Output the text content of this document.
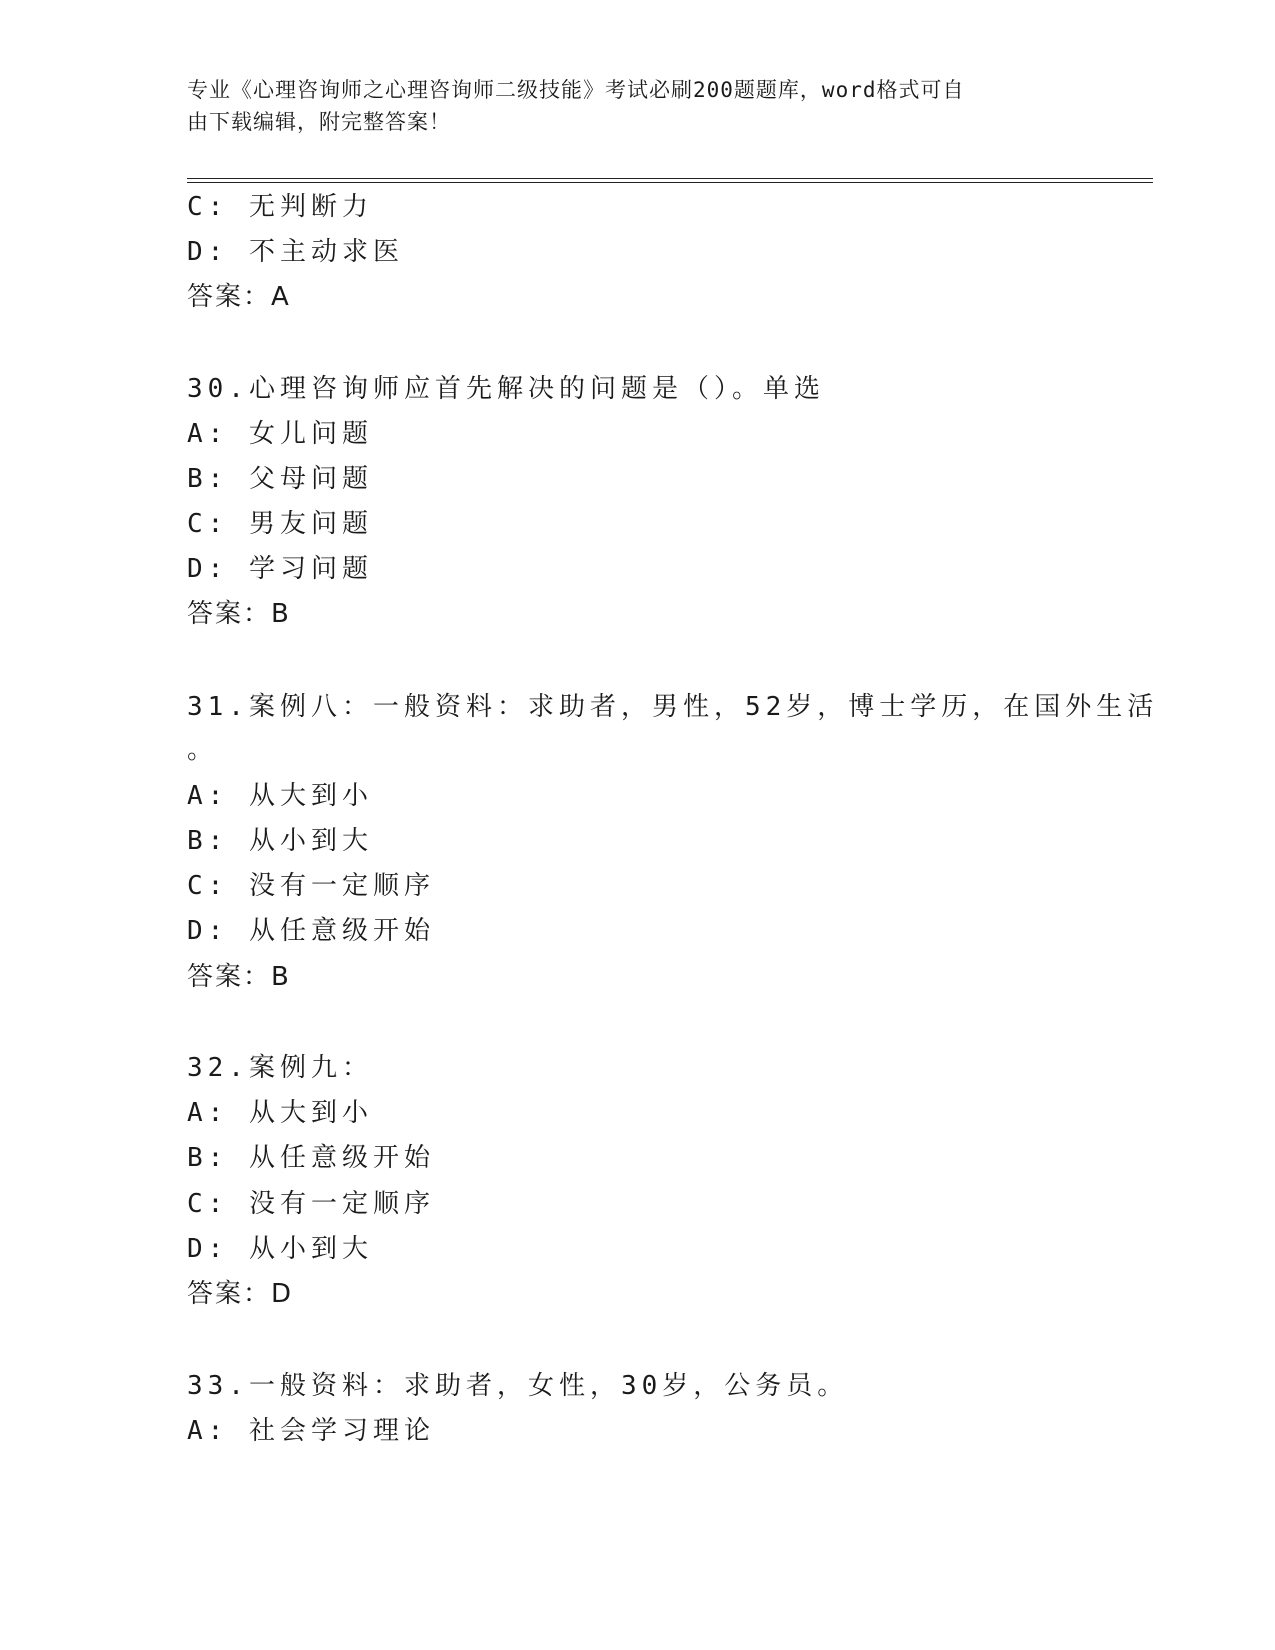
专业《心理咨询师之心理咨询师二级技能》考试必刷200题题库，word格式可自
由下载编辑，附完整答案！
C: 无判断力
D: 不主动求医
答案：A
30.心理咨询师应首先解决的问题是（）。单选
A: 女儿问题
B: 父母问题
C: 男友问题
D: 学习问题
答案：B
31.案例八：一般资料：求助者，男性，52岁，博士学历，在国外生活
。
A: 从大到小
B: 从小到大
C: 没有一定顺序
D: 从任意级开始
答案：B
32.案例九：
A: 从大到小
B: 从任意级开始
C: 没有一定顺序
D: 从小到大
答案：D
33.一般资料：求助者，女性，30岁，公务员。
A: 社会学习理论
